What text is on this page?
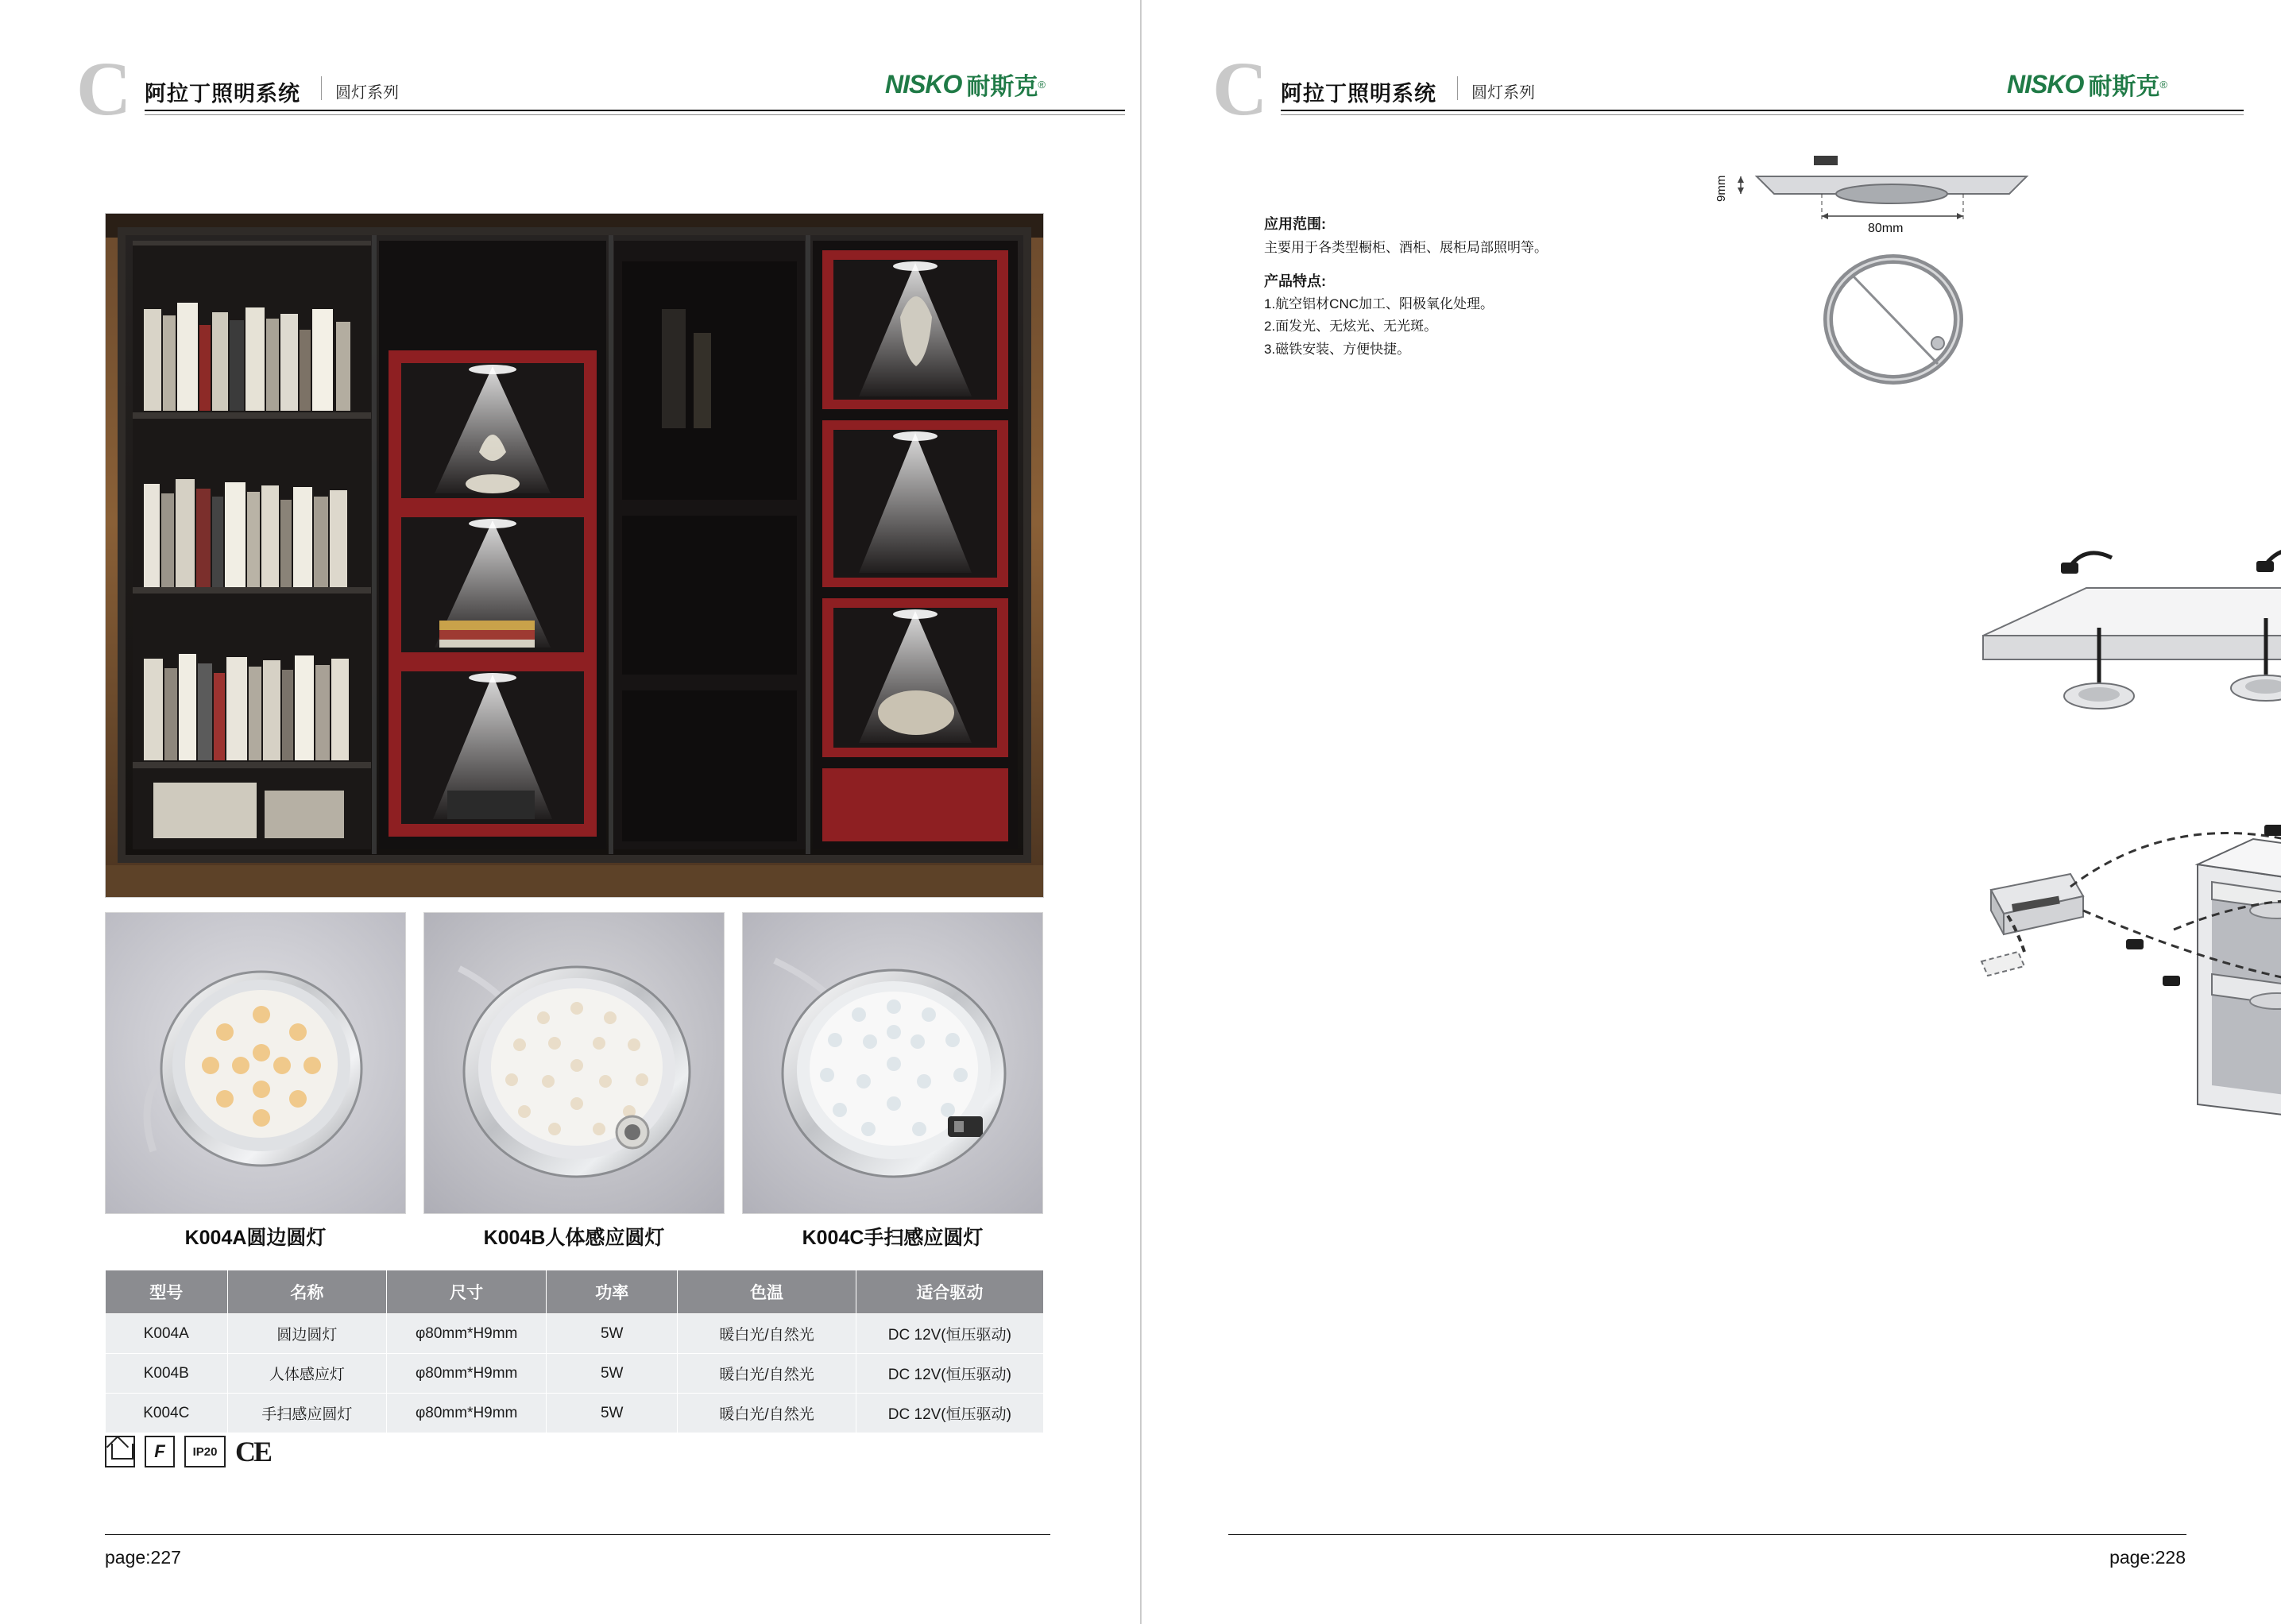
C 阿拉丁照明系统 圆灯系列	NISKO 耐斯克 ®
K004A圆边圆灯	K004B人体感应圆灯	K004C手扫感应圆灯
型号	名称	尺寸	功率	色温	适合驱动
K004A	圆边圆灯	φ80mm*H9mm	5W	暖白光/自然光	DC 12V(恒压驱动)
K004B	人体感应灯	φ80mm*H9mm	5W	暖白光/自然光	DC 12V(恒压驱动)
K004C	手扫感应圆灯	φ80mm*H9mm	5W	暖白光/自然光	DC 12V(恒压驱动)
F	IP20 CE
page:227
C 阿拉丁照明系统 圆灯系列	NISKO 耐斯克 ®
应用范围:
主要用于各类型橱柜、酒柜、展柜局部照明等。
产品特点:
1.航空铝材CNC加工、阳极氧化处理。
2.面发光、无炫光、无光斑。
3.磁铁安装、方便快捷。
9mm
80mm

page:228
